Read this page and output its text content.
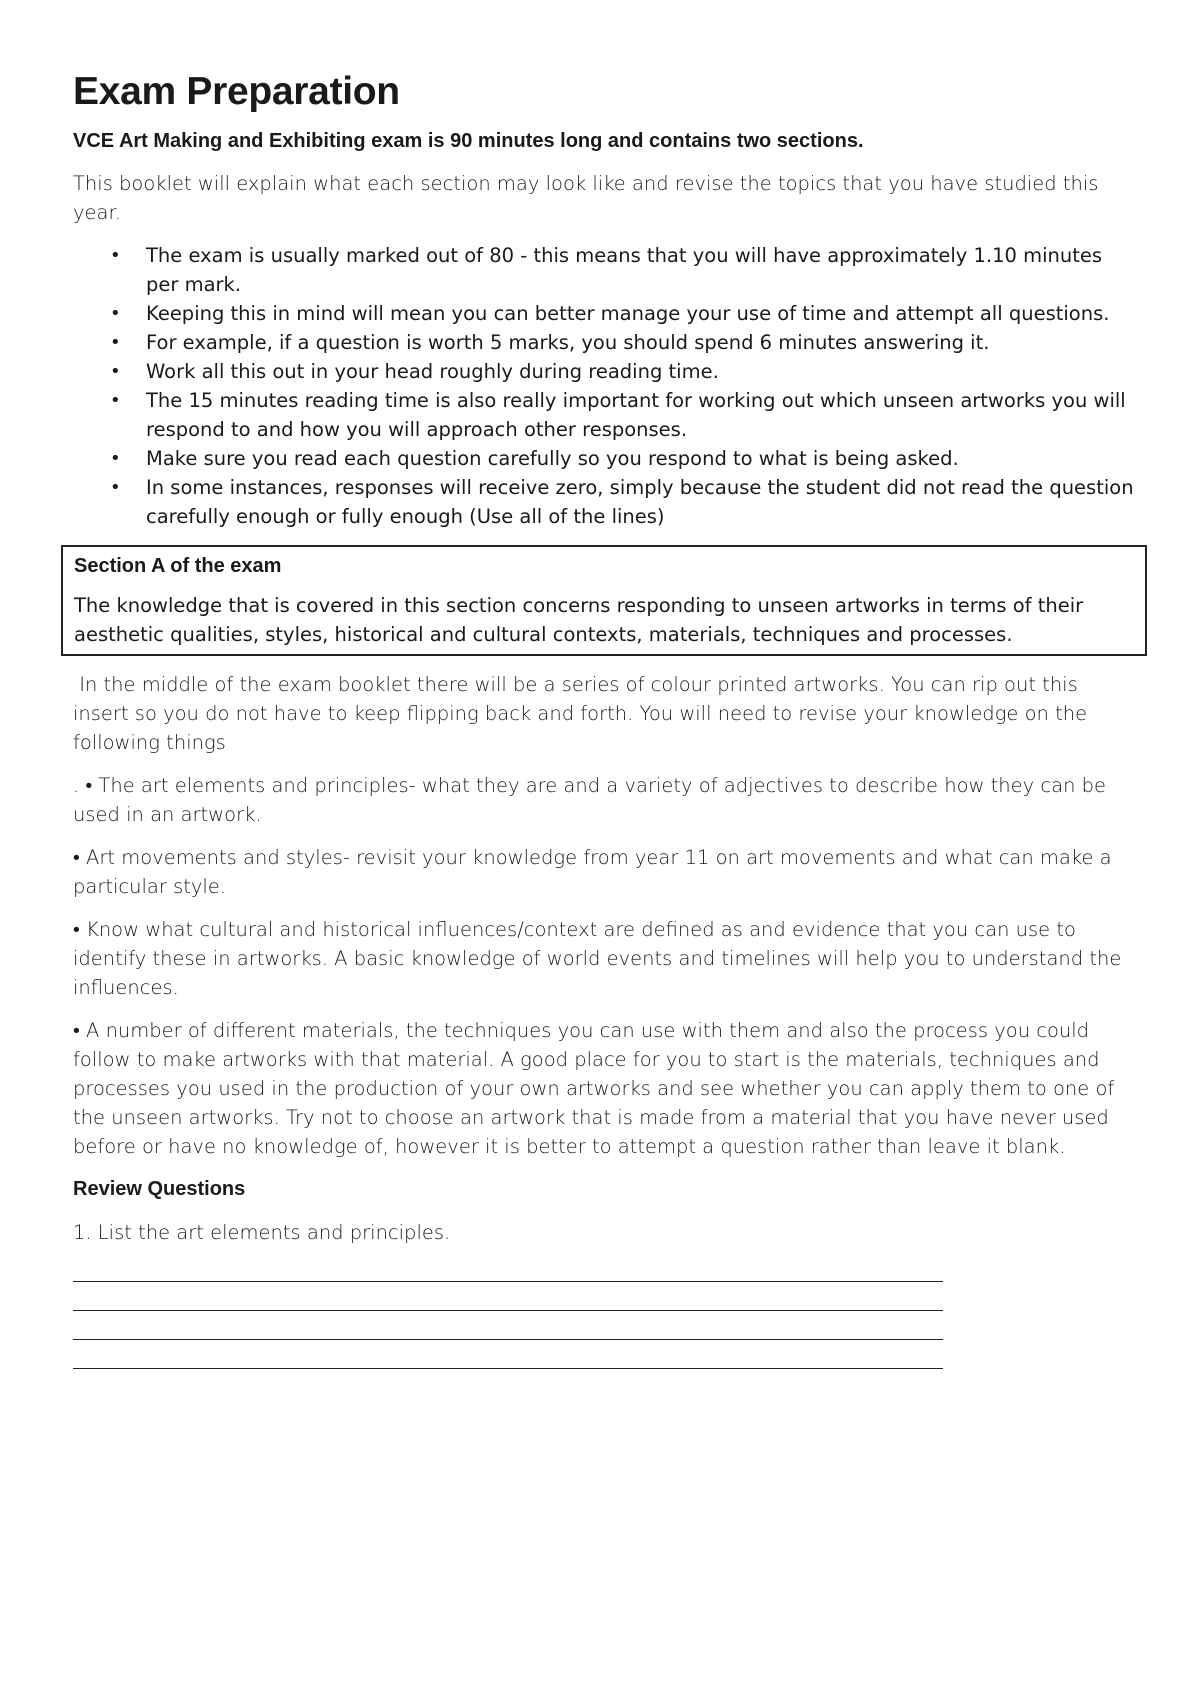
Exam Preparation
VCE Art Making and Exhibiting exam is 90 minutes long and contains two sections.

This booklet will explain what each section may look like and revise the topics that you have studied this year.

• The exam is usually marked out of 80 - this means that you will have approximately 1.10 minutes per mark.
• Keeping this in mind will mean you can better manage your use of time and attempt all questions.
• For example, if a question is worth 5 marks, you should spend 6 minutes answering it.
• Work all this out in your head roughly during reading time.
• The 15 minutes reading time is also really important for working out which unseen artworks you will respond to and how you will approach other responses.
• Make sure you read each question carefully so you respond to what is being asked.
• In some instances, responses will receive zero, simply because the student did not read the question carefully enough or fully enough (Use all of the lines)
Section A of the exam

The knowledge that is covered in this section concerns responding to unseen artworks in terms of their aesthetic qualities, styles, historical and cultural contexts, materials, techniques and processes.

In the middle of the exam booklet there will be a series of colour printed artworks. You can rip out this insert so you do not have to keep flipping back and forth. You will need to revise your knowledge on the following things

. • The art elements and principles- what they are and a variety of adjectives to describe how they can be used in an artwork.

• Art movements and styles- revisit your knowledge from year 11 on art movements and what can make a particular style.

• Know what cultural and historical influences/context are defined as and evidence that you can use to identify these in artworks. A basic knowledge of world events and timelines will help you to understand the influences.

• A number of different materials, the techniques you can use with them and also the process you could follow to make artworks with that material. A good place for you to start is the materials, techniques and processes you used in the production of your own artworks and see whether you can apply them to one of the unseen artworks. Try not to choose an artwork that is made from a material that you have never used before or have no knowledge of, however it is better to attempt a question rather than leave it blank.

Review Questions

1. List the art elements and principles.
